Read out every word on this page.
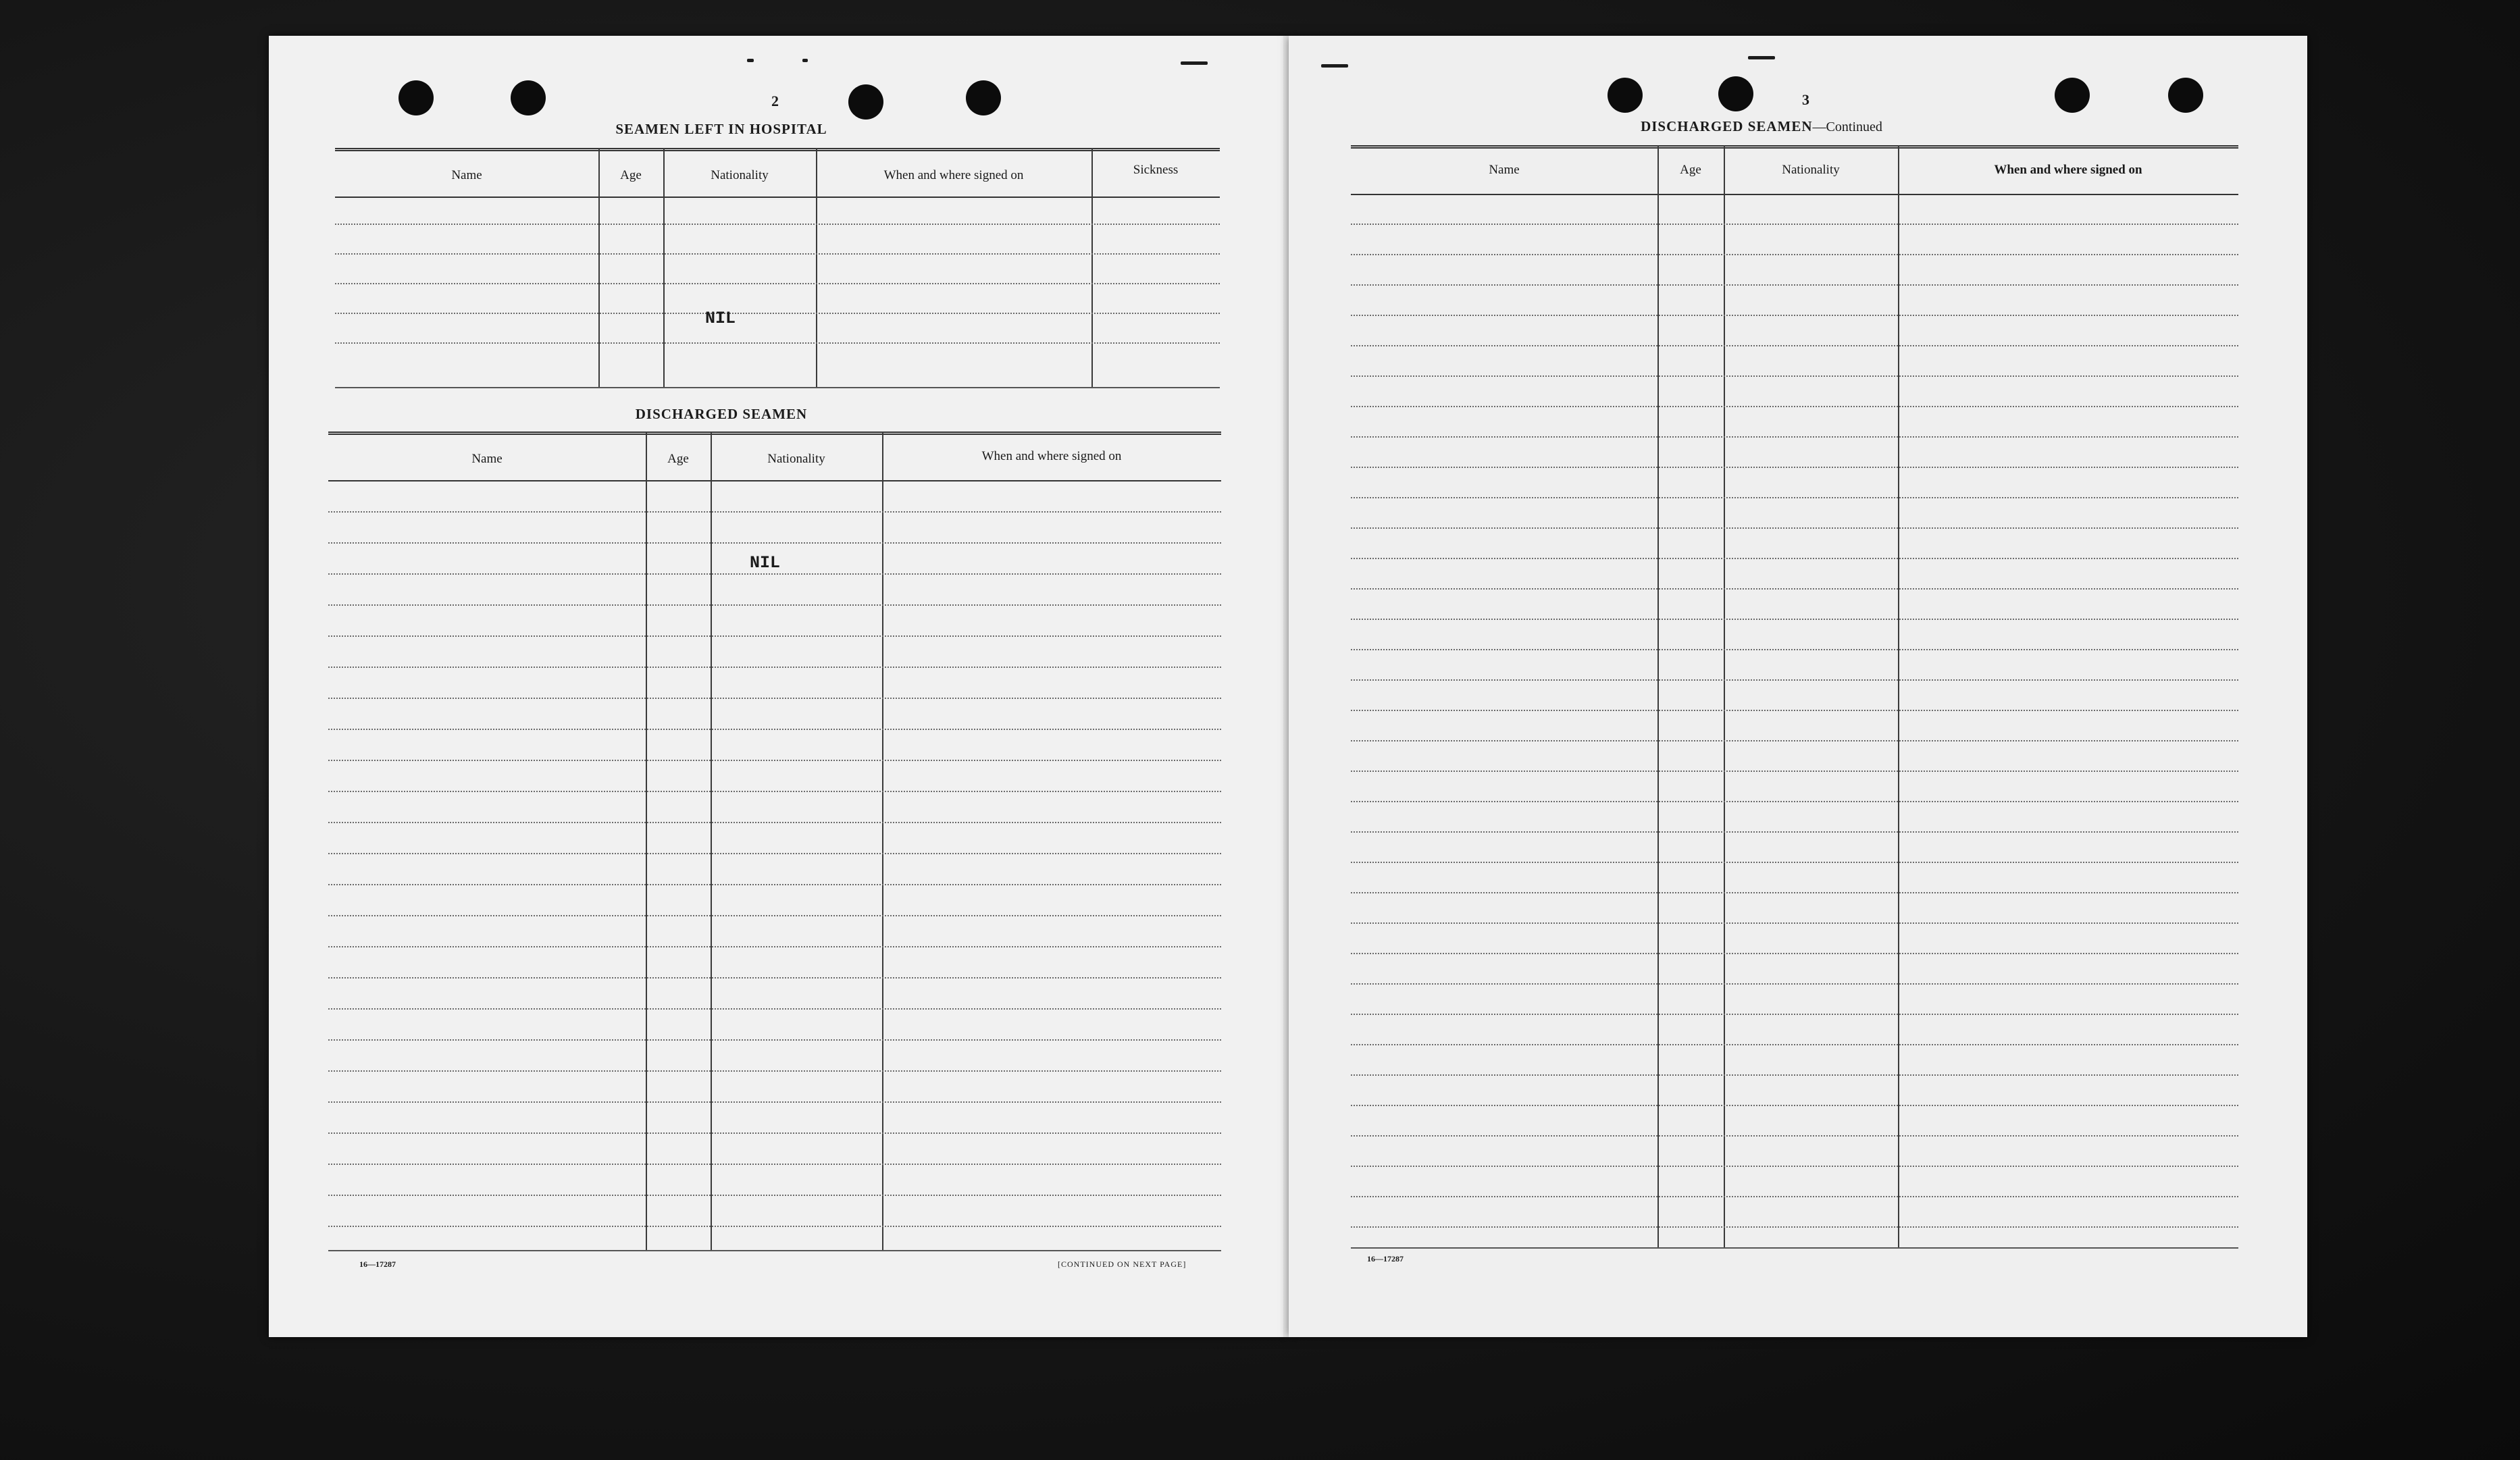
2
SEAMEN LEFT IN HOSPITAL
Name	Age	Nationality	When and where signed on	Sickness
NIL
DISCHARGED SEAMEN
Name	Age	Nationality	When and where signed on
NIL
16—17287	[CONTINUED ON NEXT PAGE]
3
DISCHARGED SEAMEN—Continued
Name	Age	Nationality	When and where signed on
16—17287
